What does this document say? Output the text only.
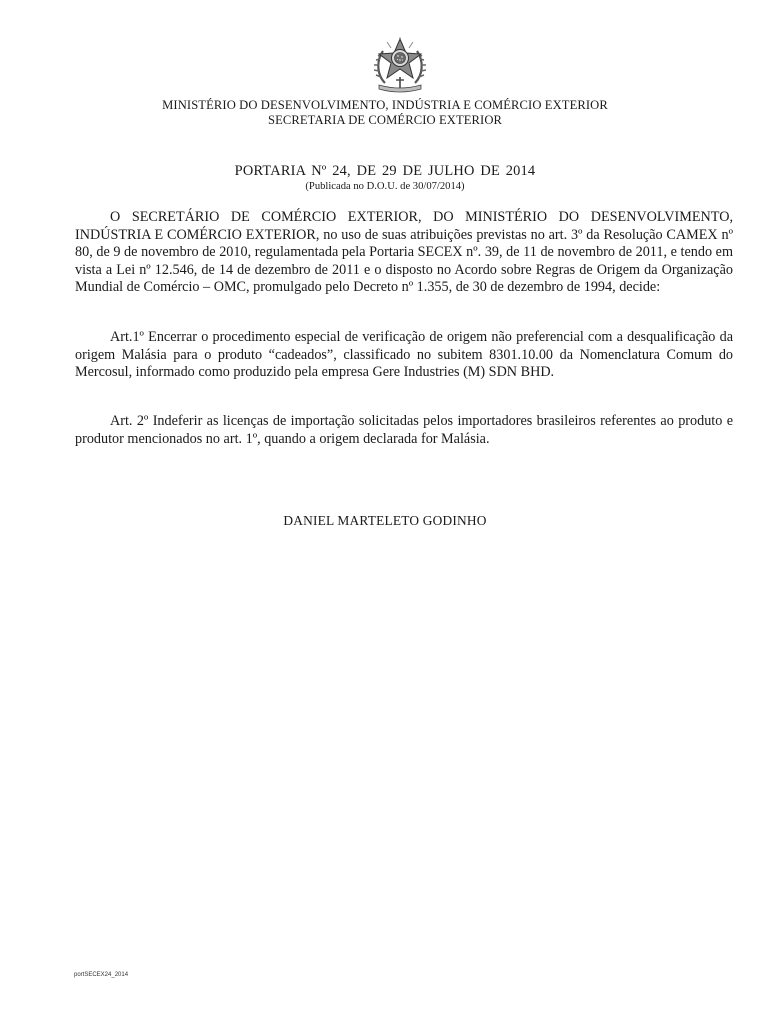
MINISTÉRIO DO DESENVOLVIMENTO, INDÚSTRIA E COMÉRCIO EXTERIOR
SECRETARIA DE COMÉRCIO EXTERIOR
PORTARIA Nº 24, DE 29 DE JULHO DE 2014
(Publicada no D.O.U. de 30/07/2014)

O SECRETÁRIO DE COMÉRCIO EXTERIOR, DO MINISTÉRIO DO DESENVOLVIMENTO, INDÚSTRIA E COMÉRCIO EXTERIOR, no uso de suas atribuições previstas no art. 3º da Resolução CAMEX nº 80, de 9 de novembro de 2010, regulamentada pela Portaria SECEX nº. 39, de 11 de novembro de 2011, e tendo em vista a Lei nº 12.546, de 14 de dezembro de 2011 e o disposto no Acordo sobre Regras de Origem da Organização Mundial de Comércio – OMC, promulgado pelo Decreto nº 1.355, de 30 de dezembro de 1994, decide:

Art.1º Encerrar o procedimento especial de verificação de origem não preferencial com a desqualificação da origem Malásia para o produto “cadeados”, classificado no subitem 8301.10.00 da Nomenclatura Comum do Mercosul, informado como produzido pela empresa Gere Industries (M) SDN BHD.

Art. 2º Indeferir as licenças de importação solicitadas pelos importadores brasileiros referentes ao produto e produtor mencionados no art. 1º, quando a origem declarada for Malásia.

DANIEL MARTELETO GODINHO
portSECEX24_2014
